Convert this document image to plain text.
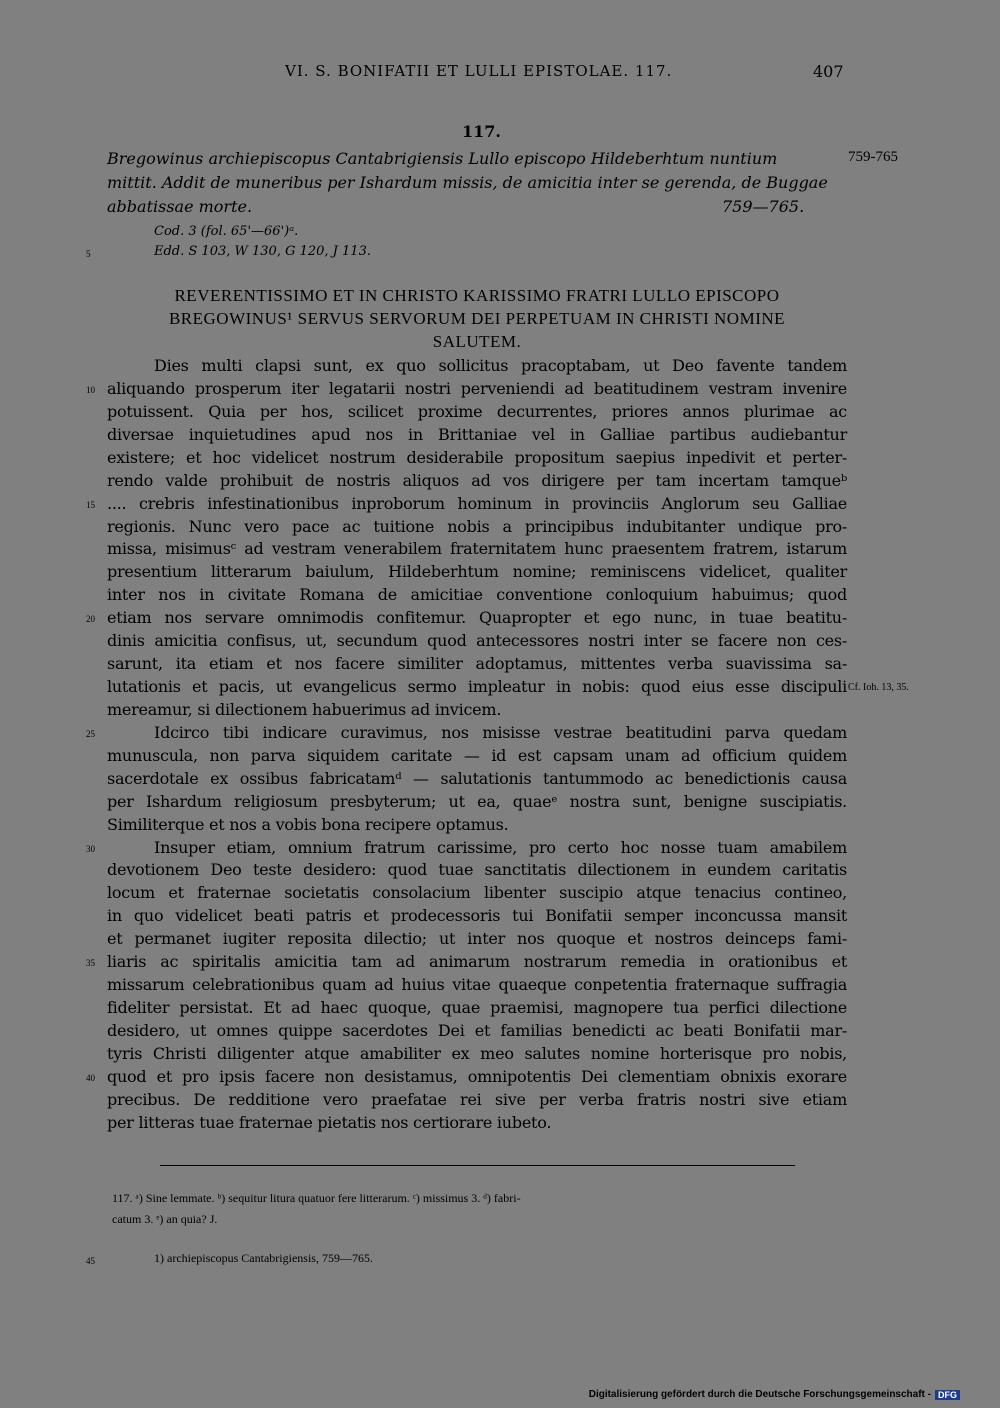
VI. S. BONIFATII ET LULLI EPISTOLAE. 117.	407
117.
Bregowinus archiepiscopus Cantabrigiensis Lullo episcopo Hildeberhtum nuntium	759-765
mittit. Addit de muneribus per Ishardum missis, de amicitia inter se gerenda, de Buggae
abbatissae morte.	759—765.
Cod. 3 (fol. 65'—66')ᵃ.
5	Edd. S 103, W 130, G 120, J 113.
REVERENTISSIMO ET IN CHRISTO KARISSIMO FRATRI LULLO EPISCOPO
BREGOWINUS¹ SERVUS SERVORUM DEI PERPETUAM IN CHRISTI NOMINE
SALUTEM.
Dies multi clapsi sunt, ex quo sollicitus pracoptabam, ut Deo favente tandem
aliquando prosperum iter legatarii nostri perveniendi ad beatitudinem vestram invenire
10
potuissent. Quia per hos, scilicet proxime decurrentes, priores annos plurimae ac
diversae inquietudines apud nos in Brittaniae vel in Galliae partibus audiebantur
existere; et hoc videlicet nostrum desiderabile propositum saepius inpedivit et perter-
rendo valde prohibuit de nostris aliquos ad vos dirigere per tam incertam tamqueᵇ
.... crebris infestinationibus inproborum hominum in provinciis Anglorum seu Galliae
15
regionis. Nunc vero pace ac tuitione nobis a principibus indubitanter undique pro-
missa, misimusᶜ ad vestram venerabilem fraternitatem hunc praesentem fratrem, istarum
presentium litterarum baiulum, Hildeberhtum nomine; reminiscens videlicet, qualiter
inter nos in civitate Romana de amicitiae conventione conloquium habuimus; quod
etiam nos servare omnimodis confitemur. Quapropter et ego nunc, in tuae beatitu-
20
dinis amicitia confisus, ut, secundum quod antecessores nostri inter se facere non ces-
sarunt, ita etiam et nos facere similiter adoptamus, mittentes verba suavissima sa-
lutationis et pacis, ut evangelicus sermo impleatur in nobis: quod eius esse discipuli Cf. Ioh. 13, 35.
mereamur, si dilectionem habuerimus ad invicem.
Idcirco tibi indicare curavimus, nos misisse vestrae beatitudini parva quedam
25
munuscula, non parva siquidem caritate — id est capsam unam ad officium quidem
sacerdotale ex ossibus fabricatamᵈ — salutationis tantummodo ac benedictionis causa
per Ishardum religiosum presbyterum; ut ea, quaeᵉ nostra sunt, benigne suscipiatis.
Similiterque et nos a vobis bona recipere optamus.
Insuper etiam, omnium fratrum carissime, pro certo hoc nosse tuam amabilem
30
devotionem Deo teste desidero: quod tuae sanctitatis dilectionem in eundem caritatis
locum et fraternae societatis consolacium libenter suscipio atque tenacius contineo,
in quo videlicet beati patris et prodecessoris tui Bonifatii semper inconcussa mansit
et permanet iugiter reposita dilectio; ut inter nos quoque et nostros deinceps fami-
liaris ac spiritalis amicitia tam ad animarum nostrarum remedia in orationibus et
35
missarum celebrationibus quam ad huius vitae quaeque conpetentia fraternaque suffragia
fideliter persistat. Et ad haec quoque, quae praemisi, magnopere tua perfici dilectione
desidero, ut omnes quippe sacerdotes Dei et familias benedicti ac beati Bonifatii mar-
tyris Christi diligenter atque amabiliter ex meo salutes nomine horterisque pro nobis,
quod et pro ipsis facere non desistamus, omnipotentis Dei clementiam obnixis exorare
40
precibus. De redditione vero praefatae rei sive per verba fratris nostri sive etiam
per litteras tuae fraternae pietatis nos certiorare iubeto.
117. ᵃ) Sine lemmate. ᵇ) sequitur litura quatuor fere litterarum. ᶜ) missimus 3. ᵈ) fabri-
catum 3. ᵉ) an quia? J.
45	1) archiepiscopus Cantabrigiensis, 759—765.
Digitalisierung gefördert durch die Deutsche Forschungsgemeinschaft - DFG
